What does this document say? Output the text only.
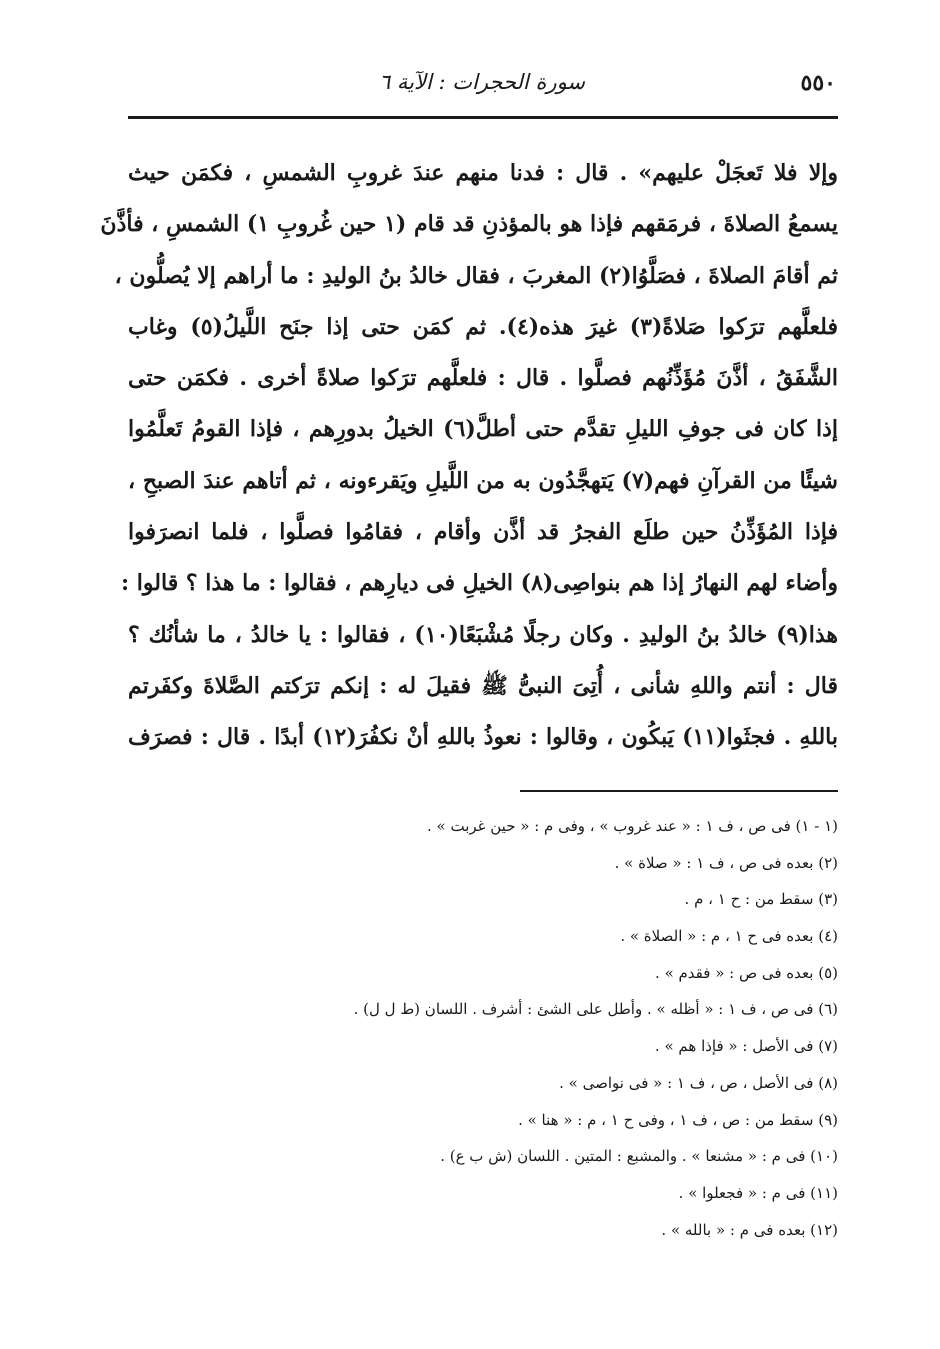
٥٥٠
سورة الحجرات : الآية ٦
وإلا فلا تَعجَلْ عليهم» . قال : فدنا منهم عندَ غروبِ الشمسِ ، فكمَن حيث
يسمعُ الصلاةَ ، فرمَقهم فإذا هو بالمؤذنِ قد قام (١ حين غُروبِ ١) الشمسِ ، فأذَّنَ
ثم أقامَ الصلاةَ ، فصَلَّوُا(٢) المغربَ ، فقال خالدُ بنُ الوليدِ : ما أراهم إلا يُصلُّون ،
فلعلَّهم ترَكوا صَلاةً(٣) غيرَ هذه(٤). ثم كمَن حتى إذا جنَح اللَّيلُ(٥) وغاب
الشَّفَقُ ، أذَّنَ مُؤَذِّنُهم فصلَّوا . قال : فلعلَّهم ترَكوا صلاةً أخرى . فكمَن حتى
إذا كان فى جوفِ الليلِ تقدَّم حتى أطلَّ(٦) الخيلُ بدورِهم ، فإذا القومُ تَعلَّمُوا
شيئًا من القرآنِ فهم(٧) يَتهجَّدُون به من اللَّيلِ ويَقرءونه ، ثم أتاهم عندَ الصبحِ ،
فإذا المُؤَذِّنُ حين طلَع الفجرُ قد أذَّن وأقام ، فقامُوا فصلَّوا ، فلما انصرَفوا
وأضاء لهم النهارُ إذا هم بنواصِى(٨) الخيلِ فى ديارِهم ، فقالوا : ما هذا ؟ قالوا :
هذا(٩) خالدُ بنُ الوليدِ . وكان رجلًا مُشْبَعًا(١٠) ، فقالوا : يا خالدُ ، ما شأنُك ؟
قال : أنتم واللهِ شأنى ، أُتِىَ النبىُّ ﷺ فقيلَ له : إنكم ترَكتم الصَّلاةَ وكفَرتم
باللهِ . فجثَوا(١١) يَبكُون ، وقالوا : نعوذُ باللهِ أنْ نكفُرَ(١٢) أبدًا . قال : فصرَف
(١ - ١) فى ص ، ف ١ : « عند غروب » ، وفى م : « حين غربت » .
(٢) بعده فى ص ، ف ١ : « صلاة » .
(٣) سقط من : ح ١ ، م .
(٤) بعده فى ح ١ ، م : « الصلاة » .
(٥) بعده فى ص : « فقدم » .
(٦) فى ص ، ف ١ : « أظله » . وأطل على الشئ : أشرف . اللسان (ط ل ل) .
(٧) فى الأصل : « فإذا هم » .
(٨) فى الأصل ، ص ، ف ١ : « فى نواصى » .
(٩) سقط من : ص ، ف ١ ، وفى ح ١ ، م : « هنا » .
(١٠) فى م : « مشنعا » . والمشبع : المتين . اللسان (ش ب ع) .
(١١) فى م : « فجعلوا » .
(١٢) بعده فى م : « بالله » .
